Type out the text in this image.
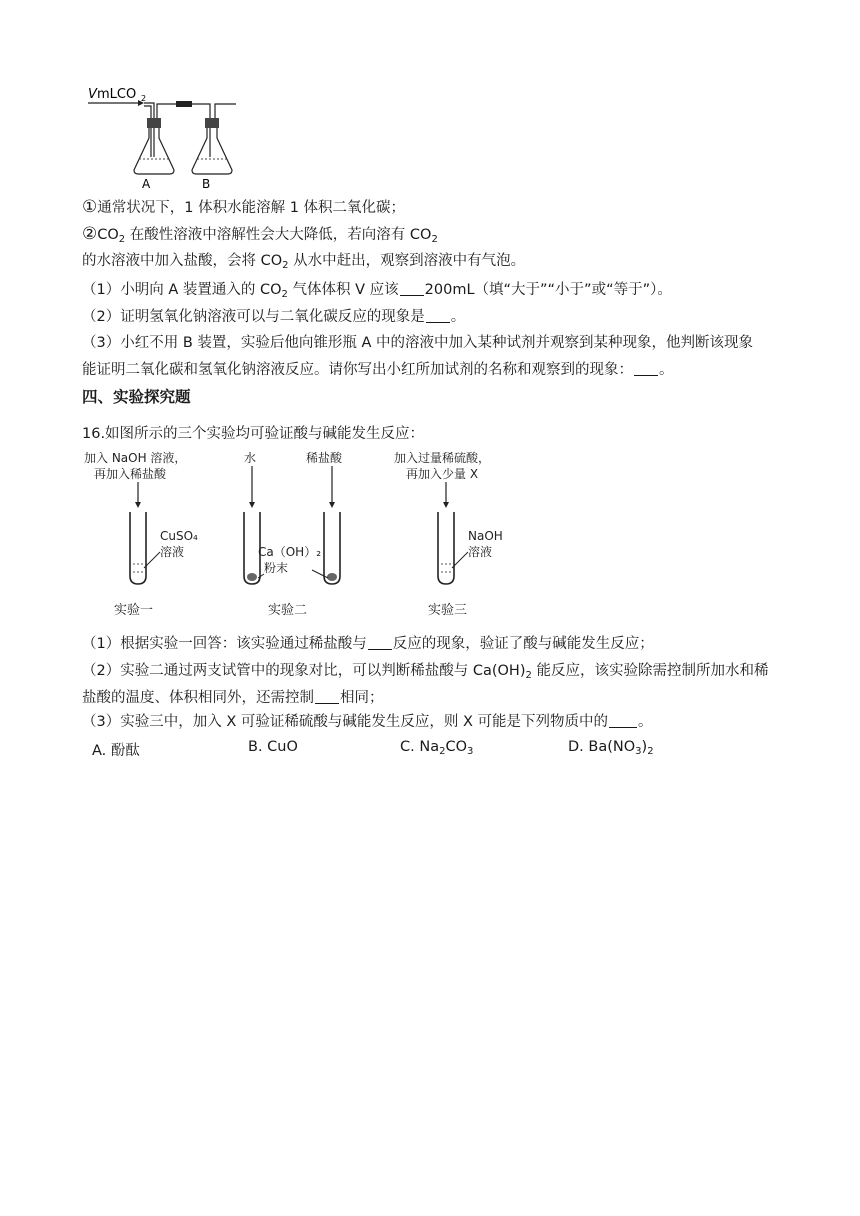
V mLCO 2
A	B
①通常状况下，1 体积水能溶解 1 体积二氧化碳；
$②CO_2$ 在酸性溶液中溶解性会大大降低，若向溶有 $CO_2$
的水溶液中加入盐酸，会将 $CO_2$ 从水中赶出，观察到溶液中有气泡。
（1）小明向 A 装置通入的 $CO_2$ 气体体积 V 应该 200mL（填“大于”“小于”或“等于”）。
（2）证明氢氧化钠溶液可以与二氧化碳反应的现象是 。
（3）小红不用 B 装置，实验后他向锥形瓶 A 中的溶液中加入某种试剂并观察到某种现象，他判断该现象
能证明二氧化碳和氢氧化钠溶液反应。请你写出小红所加试剂的名称和观察到的现象： 。
四、实验探究题
16.如图所示的三个实验均可验证酸与碱能发生反应：
加入 NaOH 溶液，
再加入稀盐酸
CuSO₄
溶液
实验一
水	稀盐酸
Ca（OH）₂
粉末
实验二
加入过量稀硫酸，
再加入少量 X
NaOH
溶液
实验三
（1）根据实验一回答：该实验通过稀盐酸与 反应的现象，验证了酸与碱能发生反应；
（2）实验二通过两支试管中的现象对比，可以判断稀盐酸与 $Ca(OH)_2$ 能反应，该实验除需控制所加水和稀
盐酸的温度、体积相同外，还需控制 相同；
（3）实验三中，加入 X 可验证稀硫酸与碱能发生反应，则 X 可能是下列物质中的 。
A. 酚酞	B. CuO	C. $Na_2CO_3$	D. $Ba(NO_3)_2$
